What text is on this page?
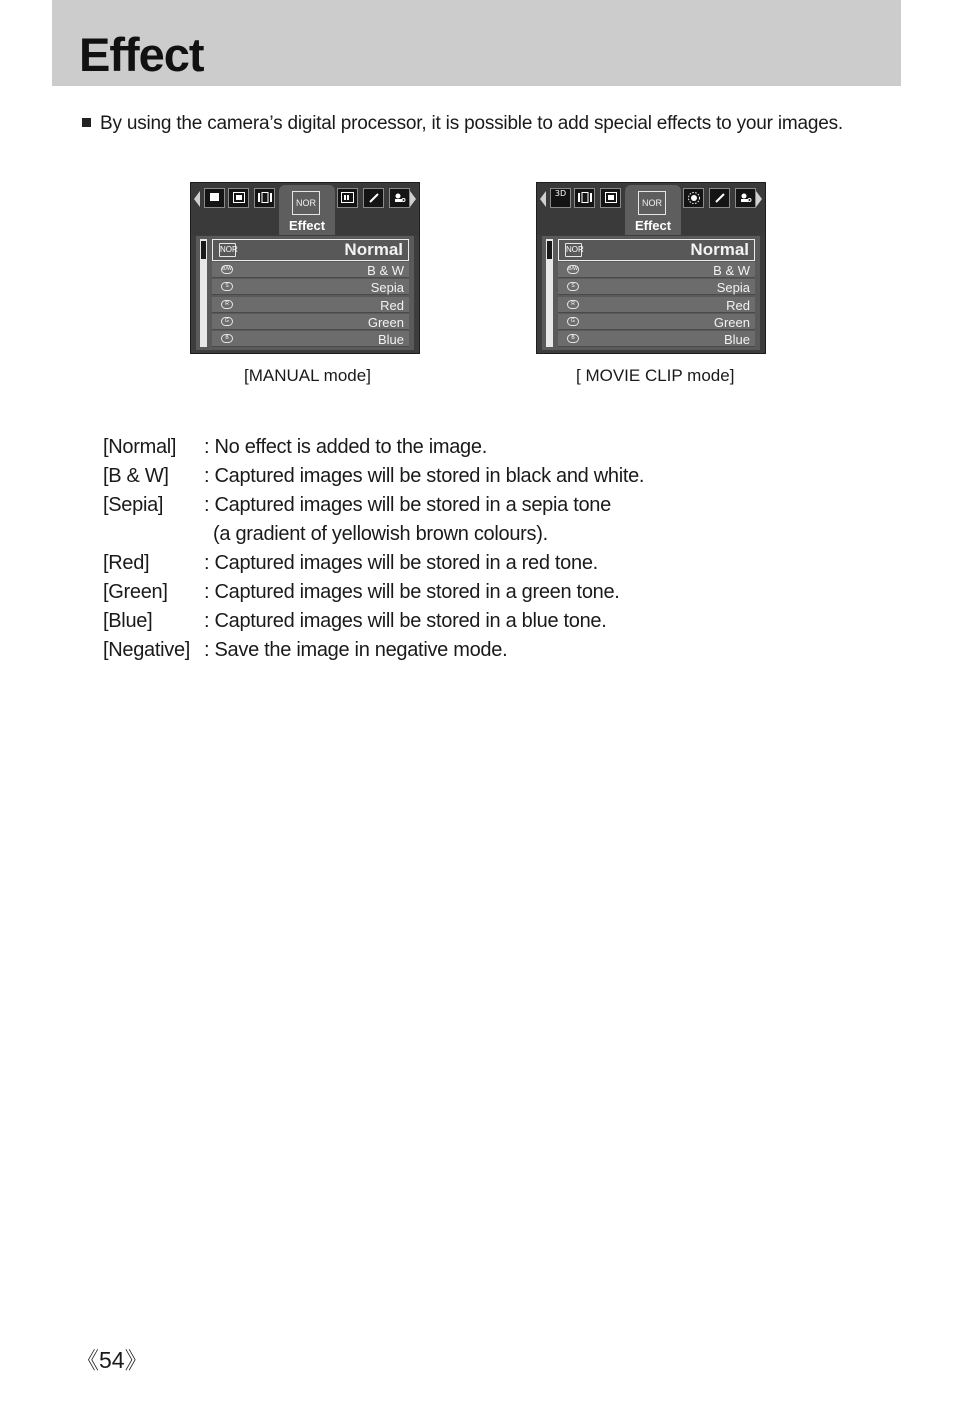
Effect
By using the camera’s digital processor, it is possible to add special effects to your images.
NOR
Effect
NOR	Normal
B/W	B & W
S	Sepia
R	Red
G	Green
B	Blue
[MANUAL mode]
3D
NOR
Effect
NOR	Normal
B/W	B & W
S	Sepia
R	Red
G	Green
B	Blue
[ MOVIE CLIP mode]
[Normal] : No effect is added to the image.
[B & W] : Captured images will be stored in black and white.
[Sepia] : Captured images will be stored in a sepia tone
(a gradient of yellowish brown colours).
[Red]	: Captured images will be stored in a red tone.
[Green] : Captured images will be stored in a green tone.
[Blue]	: Captured images will be stored in a blue tone.
[Negative] : Save the image in negative mode.
《54》
